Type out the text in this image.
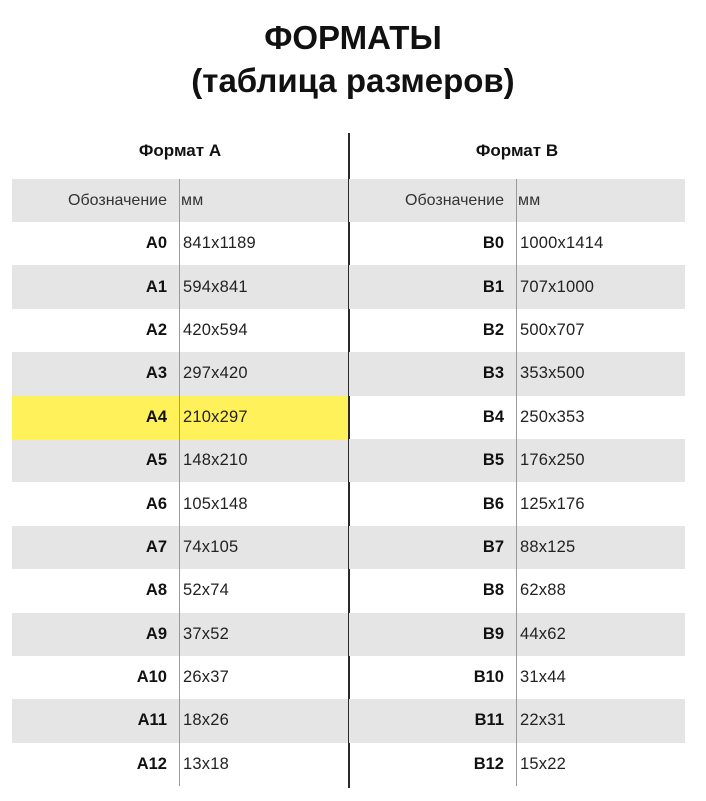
ФОРМАТЫ
(таблица размеров)
Формат А
Обозначение мм
A0 841x1189
A1 594x841
A2 420x594
A3 297x420
A4 210x297
A5 148x210
A6 105x148
A7 74x105
A8 52x74
A9 37x52
A10 26x37
A11 18x26
A12 13x18
Формат B
Обозначение мм
B0 1000x1414
B1 707x1000
B2 500x707
B3 353x500
B4 250x353
B5 176x250
B6 125x176
B7 88x125
B8 62x88
B9 44x62
B10 31x44
B11 22x31
B12 15x22
